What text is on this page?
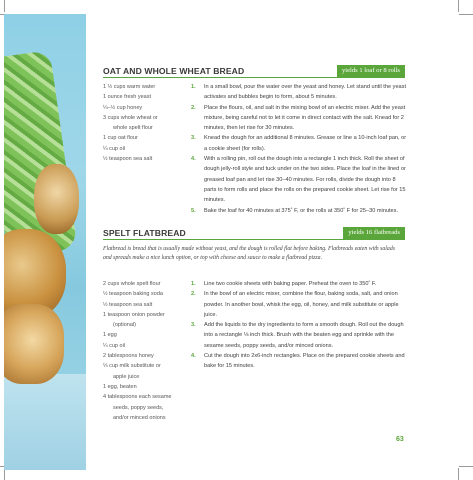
OAT AND WHOLE WHEAT BREAD	yields 1 loaf or 8 rolls
1 ½ cups warm water
1 ounce fresh yeast
¼–½ cup honey
3 cups whole wheat or
whole spelt flour
1 cup oat flour
¼ cup oil
½ teaspoon sea salt
1. In a small bowl, pour the water over the yeast and honey. Let stand until the yeast activates and bubbles begin to form, about 5 minutes.
2. Place the flours, oil, and salt in the mixing bowl of an electric mixer. Add the yeast mixture, being careful not to let it come in direct contact with the salt. Knead for 2 minutes, then let rise for 30 minutes.
3. Knead the dough for an additional 8 minutes. Grease or line a 10-inch loaf pan, or a cookie sheet (for rolls).
4. With a rolling pin, roll out the dough into a rectangle 1 inch thick. Roll the sheet of dough jelly-roll style and tuck under on the two sides. Place the loaf in the lined or greased loaf pan and let rise 30–40 minutes. For rolls, divide the dough into 8 parts to form rolls and place the rolls on the prepared cookie sheet. Let rise for 15 minutes.
5. Bake the loaf for 40 minutes at 375˚ F, or the rolls at 350˚ F for 25–30 minutes.
SPELT FLATBREAD	yields 16 flatbreads
Flatbread is bread that is usually made without yeast, and the dough is rolled flat before baking. Flatbreads eaten with salads and spreads make a nice lunch option, or top with cheese and sauce to make a flatbread pizza.
2 cups whole spelt flour
½ teaspoon baking soda
½ teaspoon sea salt
1 teaspoon onion powder
(optional)
1 egg
¼ cup oil
2 tablespoons honey
⅓ cup milk substitute or
apple juice
1 egg, beaten
4 tablespoons each sesame
seeds, poppy seeds,
and/or minced onions
1. Line two cookie sheets with baking paper. Preheat the oven to 350˚ F.
2. In the bowl of an electric mixer, combine the flour, baking soda, salt, and onion powder. In another bowl, whisk the egg, oil, honey, and milk substitute or apple juice.
3. Add the liquids to the dry ingredients to form a smooth dough. Roll out the dough into a rectangle ⅛ inch thick. Brush with the beaten egg and sprinkle with the sesame seeds, poppy seeds, and/or minced onions.
4. Cut the dough into 2x6-inch rectangles. Place on the prepared cookie sheets and bake for 15 minutes.
63
